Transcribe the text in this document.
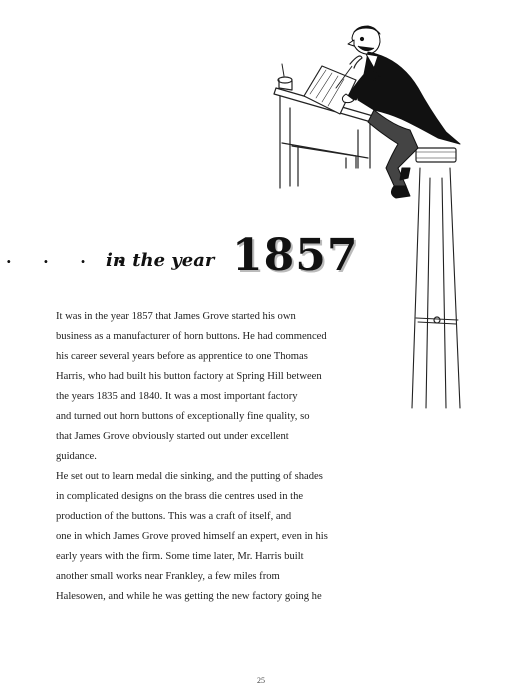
· · · ·
in the year 1857
It was in the year 1857 that James Grove started his own
business as a manufacturer of horn buttons. He had commenced
his career several years before as apprentice to one Thomas
Harris, who had built his button factory at Spring Hill between
the years 1835 and 1840. It was a most important factory
and turned out horn buttons of exceptionally fine quality, so
that James Grove obviously started out under excellent
guidance.
He set out to learn medal die sinking, and the putting of shades
in complicated designs on the brass die centres used in the
production of the buttons. This was a craft of itself, and
one in which James Grove proved himself an expert, even in his
early years with the firm. Some time later, Mr. Harris built
another small works near Frankley, a few miles from
Halesowen, and while he was getting the new factory going he
25
